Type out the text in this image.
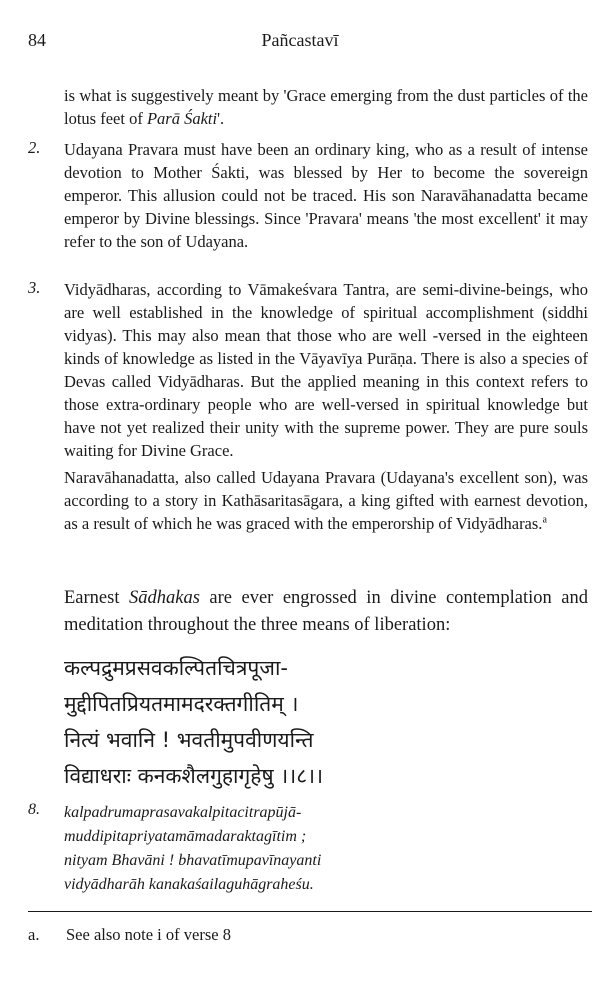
84	Pañcastavī
is what is suggestively meant by 'Grace emerging from the dust particles of the lotus feet of Parā Śakti'.
2. Udayana Pravara must have been an ordinary king, who as a result of intense devotion to Mother Śakti, was blessed by Her to become the sovereign emperor. This allusion could not be traced. His son Naravāhanadatta became emperor by Divine blessings. Since 'Pravara' means 'the most excellent' it may refer to the son of Udayana.

3. Vidyādharas, according to Vāmakeśvara Tantra, are semi-divine-beings, who are well established in the knowledge of spiritual accomplishment (siddhi vidyas). This may also mean that those who are well -versed in the eighteen kinds of knowledge as listed in the Vāyavīya Purāṇa. There is also a species of Devas called Vidyādharas. But the applied meaning in this context refers to those extra-ordinary people who are well-versed in spiritual knowledge but have not yet realized their unity with the supreme power. They are pure souls waiting for Divine Grace.

Naravāhanadatta, also called Udayana Pravara (Udayana's excellent son), was according to a story in Kathāsaritasāgara, a king gifted with earnest devotion, as a result of which he was graced with the emperorship of Vidyādharas.$^a$

Earnest Sādhakas are ever engrossed in divine contemplation and meditation throughout the three means of liberation:
कल्पद्रुमप्रसवकल्पितचित्रपूजा-
मुद्दीपितप्रियतमामदरक्तगीतिम् ।
नित्यं भवानि ! भवतीमुपवीणयन्ति
विद्याधराः कनकशैलगुहागृहेषु ।।८।।
8. kalpadrumaprasavakalpitacitrapūjā-
muddipitapriyatamāmadaraktagītim ;
nityam Bhavāni ! bhavatīmupavīnayanti
vidyādharāh kanakaśailaguhāgraheśu.
a. See also note i of verse 8
